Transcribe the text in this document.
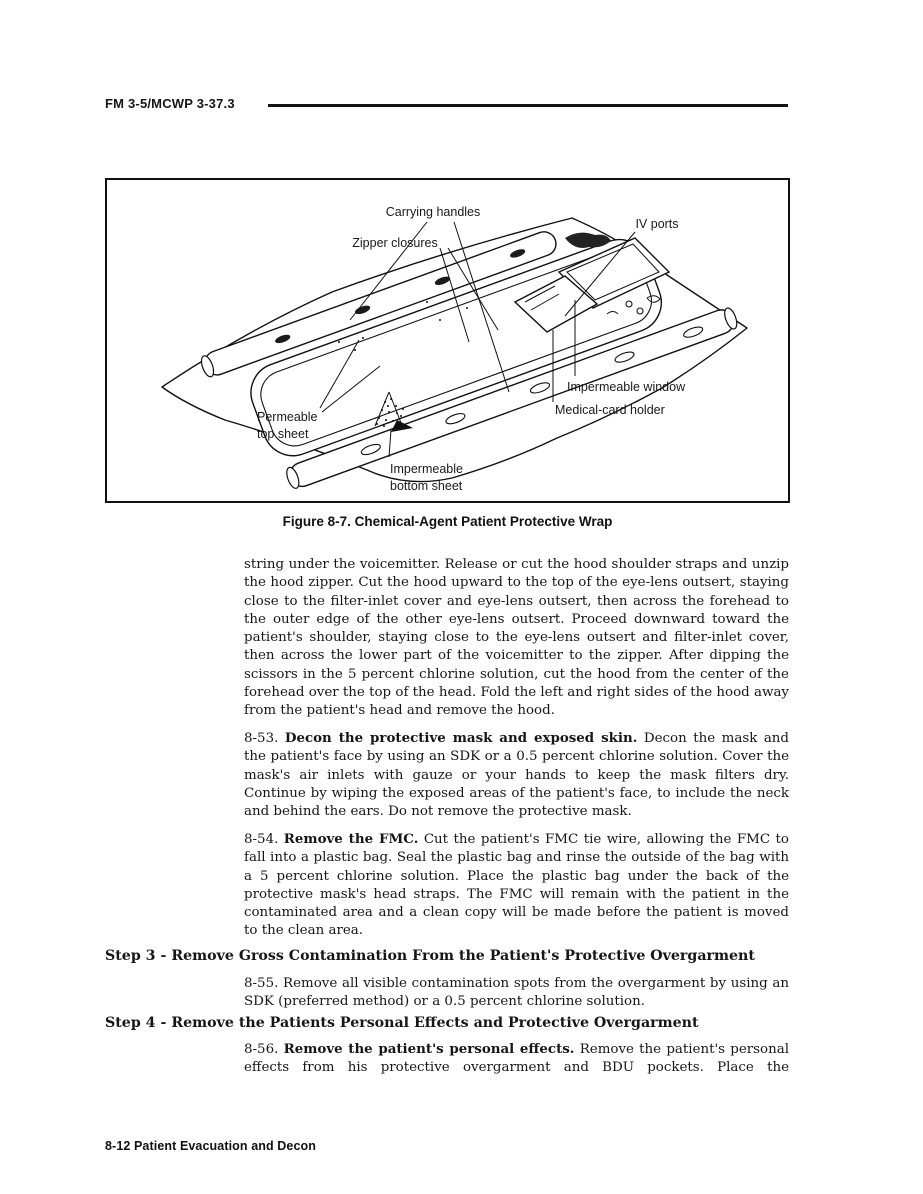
FM 3-5/MCWP 3-37.3
Carrying handles
Zipper closures
IV ports
Impermeable window
Medical-card holder
Permeable
top sheet
Impermeable
bottom sheet
Figure 8-7. Chemical-Agent Patient Protective Wrap

string under the voicemitter. Release or cut the hood shoulder straps and unzip the hood zipper. Cut the hood upward to the top of the eye-lens outsert, staying close to the filter-inlet cover and eye-lens outsert, then across the forehead to the outer edge of the other eye-lens outsert. Proceed downward toward the patient's shoulder, staying close to the eye-lens outsert and filter-inlet cover, then across the lower part of the voicemitter to the zipper. After dipping the scissors in the 5 percent chlorine solution, cut the hood from the center of the forehead over the top of the head. Fold the left and right sides of the hood away from the patient's head and remove the hood.

8-53. Decon the protective mask and exposed skin. Decon the mask and the patient's face by using an SDK or a 0.5 percent chlorine solution. Cover the mask's air inlets with gauze or your hands to keep the mask filters dry. Continue by wiping the exposed areas of the patient's face, to include the neck and behind the ears. Do not remove the protective mask.

8-54. Remove the FMC. Cut the patient's FMC tie wire, allowing the FMC to fall into a plastic bag. Seal the plastic bag and rinse the outside of the bag with a 5 percent chlorine solution. Place the plastic bag under the back of the protective mask's head straps. The FMC will remain with the patient in the contaminated area and a clean copy will be made before the patient is moved to the clean area.

Step 3 - Remove Gross Contamination From the Patient's Protective Overgarment

8-55. Remove all visible contamination spots from the overgarment by using an SDK (preferred method) or a 0.5 percent chlorine solution.

Step 4 - Remove the Patients Personal Effects and Protective Overgarment

8-56. Remove the patient's personal effects. Remove the patient's personal effects from his protective overgarment and BDU pockets. Place the

8-12 Patient Evacuation and Decon
